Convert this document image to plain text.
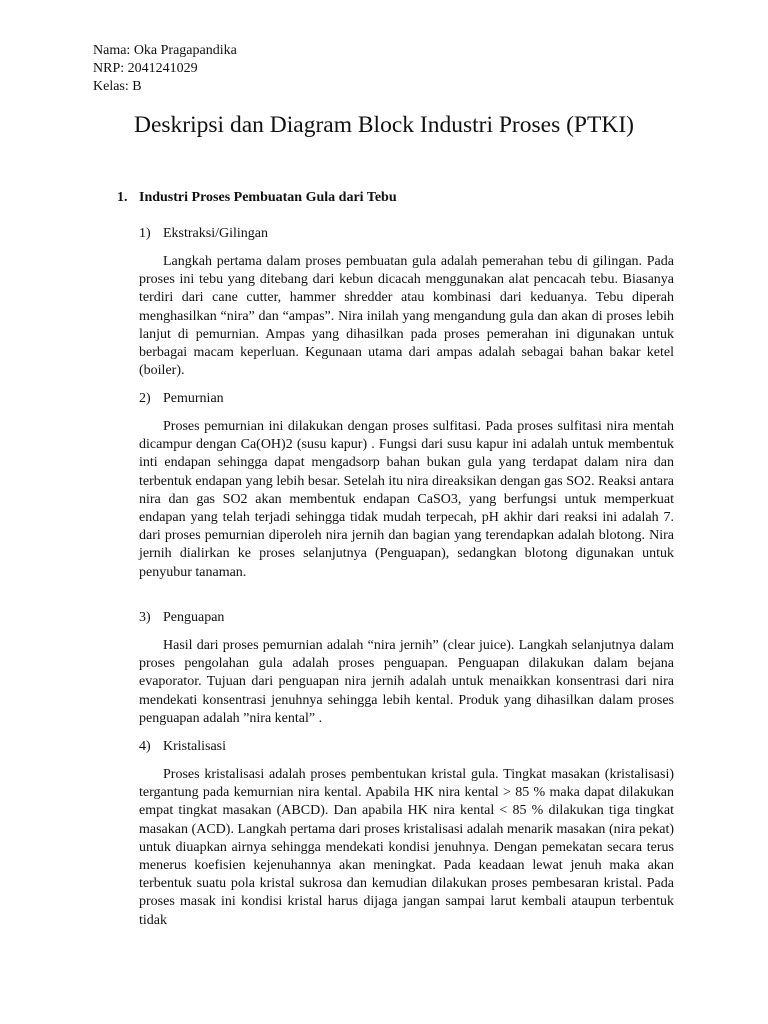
Nama: Oka Pragapandika
NRP: 2041241029
Kelas: B
Deskripsi dan Diagram Block Industri Proses (PTKI)
1. Industri Proses Pembuatan Gula dari Tebu
1) Ekstraksi/Gilingan

Langkah pertama dalam proses pembuatan gula adalah pemerahan tebu di gilingan. Pada proses ini tebu yang ditebang dari kebun dicacah menggunakan alat pencacah tebu. Biasanya terdiri dari cane cutter, hammer shredder atau kombinasi dari keduanya. Tebu diperah menghasilkan “nira” dan “ampas”. Nira inilah yang mengandung gula dan akan di proses lebih lanjut di pemurnian. Ampas yang dihasilkan pada proses pemerahan ini digunakan untuk berbagai macam keperluan. Kegunaan utama dari ampas adalah sebagai bahan bakar ketel (boiler).

2) Pemurnian

Proses pemurnian ini dilakukan dengan proses sulfitasi. Pada proses sulfitasi nira mentah dicampur dengan Ca(OH)2 (susu kapur) . Fungsi dari susu kapur ini adalah untuk membentuk inti endapan sehingga dapat mengadsorp bahan bukan gula yang terdapat dalam nira dan terbentuk endapan yang lebih besar. Setelah itu nira direaksikan dengan gas SO2. Reaksi antara nira dan gas SO2 akan membentuk endapan CaSO3, yang berfungsi untuk memperkuat endapan yang telah terjadi sehingga tidak mudah terpecah, pH akhir dari reaksi ini adalah 7. dari proses pemurnian diperoleh nira jernih dan bagian yang terendapkan adalah blotong. Nira jernih dialirkan ke proses selanjutnya (Penguapan), sedangkan blotong digunakan untuk penyubur tanaman.

3) Penguapan

Hasil dari proses pemurnian adalah “nira jernih” (clear juice). Langkah selanjutnya dalam proses pengolahan gula adalah proses penguapan. Penguapan dilakukan dalam bejana evaporator. Tujuan dari penguapan nira jernih adalah untuk menaikkan konsentrasi dari nira mendekati konsentrasi jenuhnya sehingga lebih kental. Produk yang dihasilkan dalam proses penguapan adalah ”nira kental” .

4) Kristalisasi

Proses kristalisasi adalah proses pembentukan kristal gula. Tingkat masakan (kristalisasi) tergantung pada kemurnian nira kental. Apabila HK nira kental > 85 % maka dapat dilakukan empat tingkat masakan (ABCD). Dan apabila HK nira kental < 85 % dilakukan tiga tingkat masakan (ACD). Langkah pertama dari proses kristalisasi adalah menarik masakan (nira pekat) untuk diuapkan airnya sehingga mendekati kondisi jenuhnya. Dengan pemekatan secara terus menerus koefisien kejenuhannya akan meningkat. Pada keadaan lewat jenuh maka akan terbentuk suatu pola kristal sukrosa dan kemudian dilakukan proses pembesaran kristal. Pada proses masak ini kondisi kristal harus dijaga jangan sampai larut kembali ataupun terbentuk tidak
